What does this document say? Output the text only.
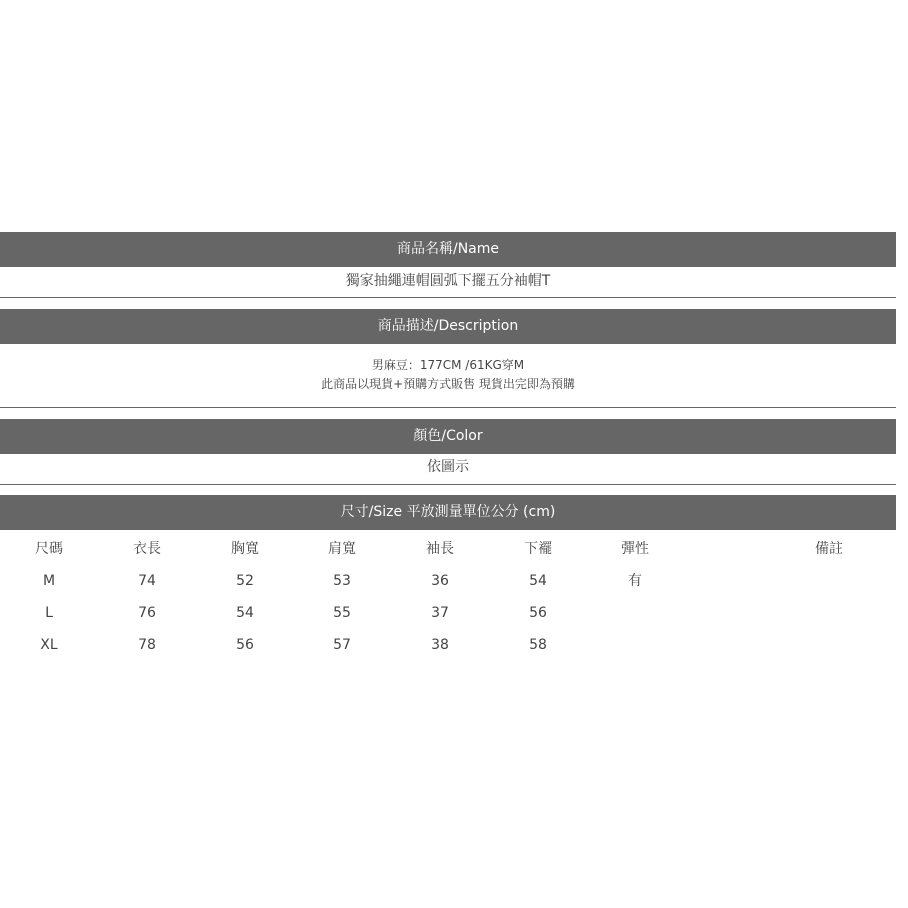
商品名稱/Name
獨家抽繩連帽圓弧下擺五分袖帽T
商品描述/Description
男麻豆：177CM /61KG穿M
此商品以現貨+預購方式販售 現貨出完即為預購
顏色/Color
依圖示
尺寸/Size 平放測量單位公分 (cm)
尺碼	衣長	胸寬	肩寬	袖長	下襬	彈性	備註
M	74	52	53	36	54	有
L	76	54	55	37	56
XL	78	56	57	38	58
